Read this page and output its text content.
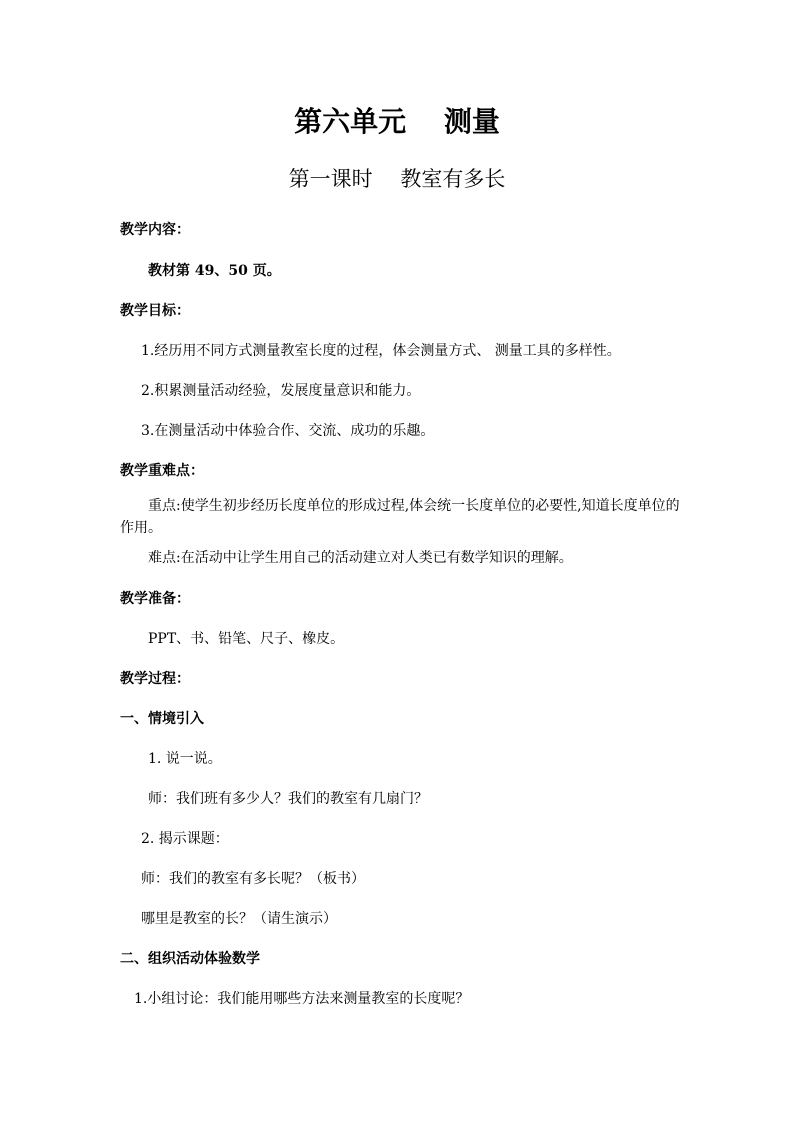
第六单元　 测量
第一课时　 教室有多长
教学内容：
教材第 49、50 页。
教学目标：
1.经历用不同方式测量教室长度的过程，体会测量方式、 测量工具的多样性。
2.积累测量活动经验，发展度量意识和能力。
3.在测量活动中体验合作、交流、成功的乐趣。
教学重难点：
重点:使学生初步经历长度单位的形成过程,体会统一长度单位的必要性,知道长度单位的作用。
难点:在活动中让学生用自己的活动建立对人类已有数学知识的理解。
教学准备：
PPT、书、铅笔、尺子、橡皮。
教学过程：
一、情境引入
1. 说一说。
师：我们班有多少人？我们的教室有几扇门？
2. 揭示课题：
师：我们的教室有多长呢？（板书）
哪里是教室的长？（请生演示）
二、组织活动体验数学
1.小组讨论：我们能用哪些方法来测量教室的长度呢？
